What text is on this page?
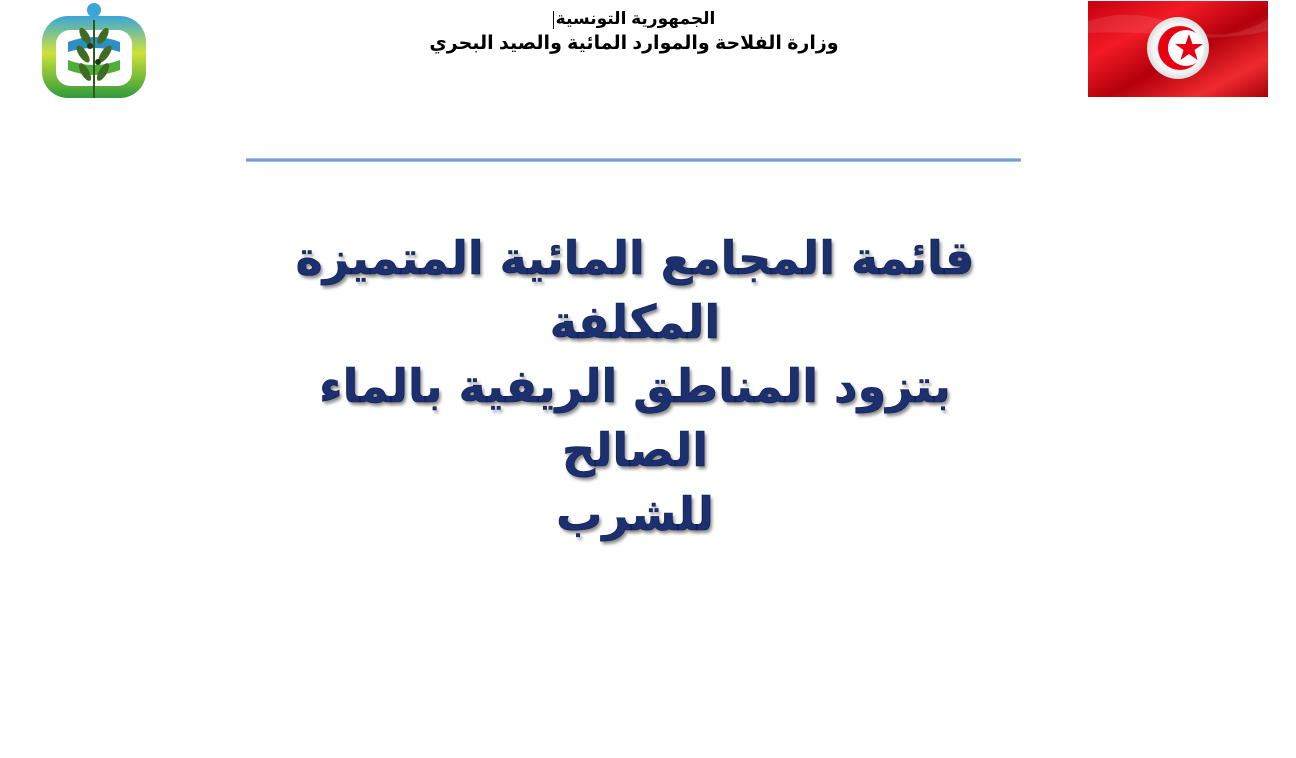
الجمهورية التونسية
وزارة الفلاحة والموارد المائية والصيد البحري
قائمة المجامع المائية المتميزة المكلفة
بتزود المناطق الريفية بالماء الصالح
للشرب
